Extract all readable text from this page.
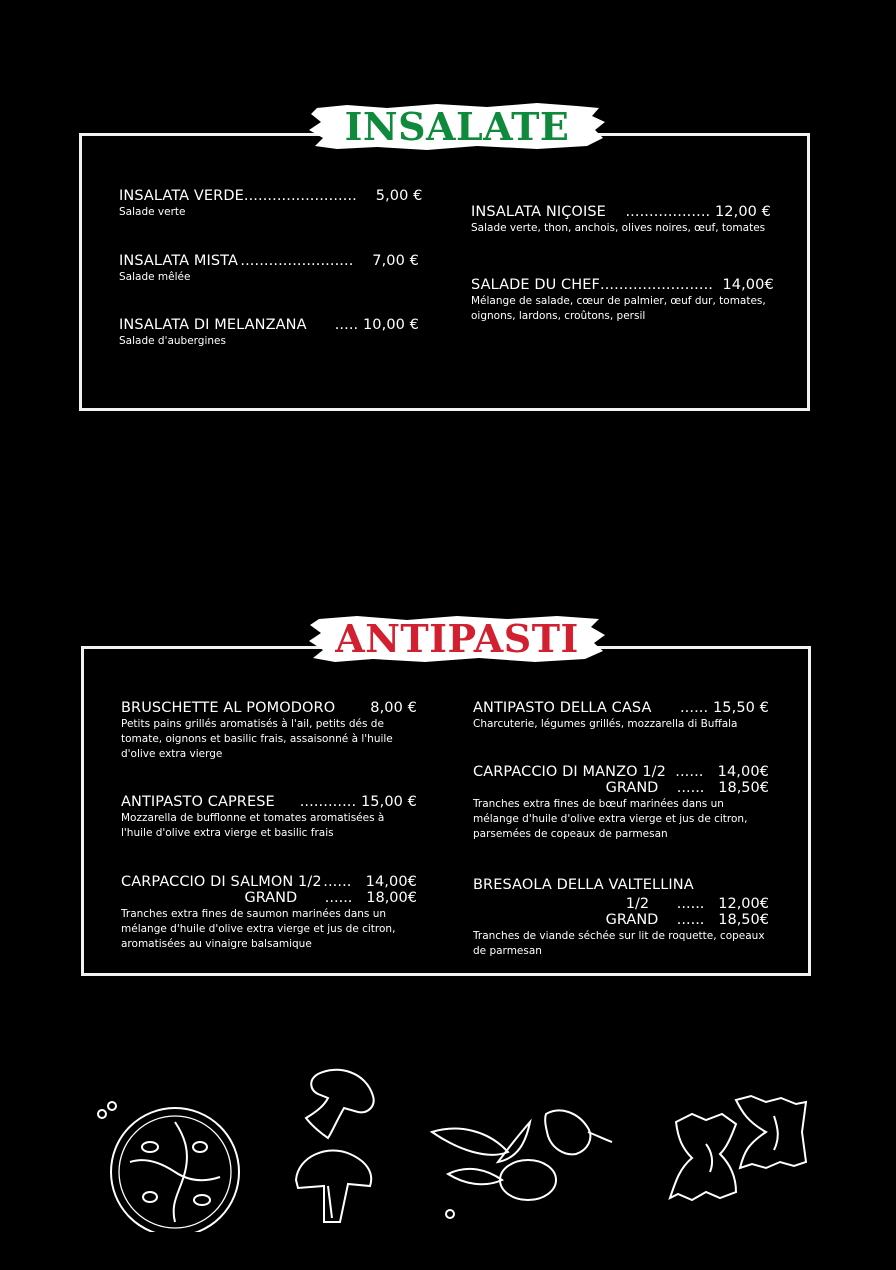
INSALATE
INSALATA VERDE ........................ 5,00 €
Salade verte
INSALATA MISTA ........................ 7,00 €
Salade mêlée
INSALATA DI MELANZANA ..... 10,00 €
Salade d'aubergines
INSALATA NIÇOISE .................. 12,00 €
Salade verte, thon, anchois, olives noires, œuf, tomates
SALADE DU CHEF ........................ 14,00€
Mélange de salade, cœur de palmier, œuf dur, tomates, oignons, lardons, croûtons, persil
ANTIPASTI
BRUSCHETTE AL POMODORO 8,00 €
Petits pains grillés aromatisés à l'ail, petits dés de tomate, oignons et basilic frais, assaisonné à l'huile d'olive extra vierge
ANTIPASTO CAPRESE ............ 15,00 €
Mozzarella de bufflonne et tomates aromatisées à l'huile d'olive extra vierge et basilic frais
CARPACCIO DI SALMON 1/2 ...... 14,00€
GRAND
......
18,00€
Tranches extra fines de saumon marinées dans un mélange d'huile d'olive extra vierge et jus de citron, aromatisées au vinaigre balsamique
ANTIPASTO DELLA CASA ...... 15,50 €
Charcuterie, légumes grillés, mozzarella di Buffala
CARPACCIO DI MANZO 1/2 ...... 14,00€
GRAND
......
18,50€
Tranches extra fines de bœuf marinées dans un mélange d'huile d'olive extra vierge et jus de citron, parsemées de copeaux de parmesan
BRESAOLA DELLA VALTELLINA
1/2
......
12,00€
GRAND
......
18,50€
Tranches de viande séchée sur lit de roquette, copeaux de parmesan
